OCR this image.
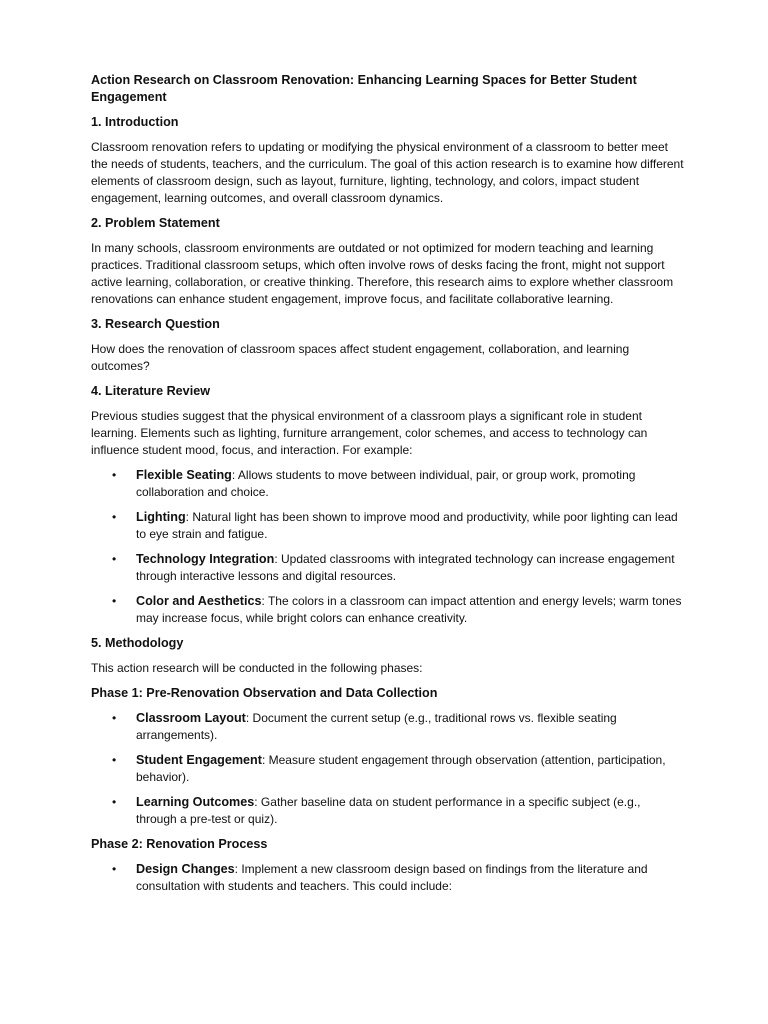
Action Research on Classroom Renovation: Enhancing Learning Spaces for Better Student Engagement
1. Introduction
Classroom renovation refers to updating or modifying the physical environment of a classroom to better meet the needs of students, teachers, and the curriculum. The goal of this action research is to examine how different elements of classroom design, such as layout, furniture, lighting, technology, and colors, impact student engagement, learning outcomes, and overall classroom dynamics.
2. Problem Statement
In many schools, classroom environments are outdated or not optimized for modern teaching and learning practices. Traditional classroom setups, which often involve rows of desks facing the front, might not support active learning, collaboration, or creative thinking. Therefore, this research aims to explore whether classroom renovations can enhance student engagement, improve focus, and facilitate collaborative learning.
3. Research Question
How does the renovation of classroom spaces affect student engagement, collaboration, and learning outcomes?
4. Literature Review
Previous studies suggest that the physical environment of a classroom plays a significant role in student learning. Elements such as lighting, furniture arrangement, color schemes, and access to technology can influence student mood, focus, and interaction. For example:
• Flexible Seating: Allows students to move between individual, pair, or group work, promoting collaboration and choice.
• Lighting: Natural light has been shown to improve mood and productivity, while poor lighting can lead to eye strain and fatigue.
• Technology Integration: Updated classrooms with integrated technology can increase engagement through interactive lessons and digital resources.
• Color and Aesthetics: The colors in a classroom can impact attention and energy levels; warm tones may increase focus, while bright colors can enhance creativity.
5. Methodology
This action research will be conducted in the following phases:
Phase 1: Pre-Renovation Observation and Data Collection
• Classroom Layout: Document the current setup (e.g., traditional rows vs. flexible seating arrangements).
• Student Engagement: Measure student engagement through observation (attention, participation, behavior).
• Learning Outcomes: Gather baseline data on student performance in a specific subject (e.g., through a pre-test or quiz).
Phase 2: Renovation Process
• Design Changes: Implement a new classroom design based on findings from the literature and consultation with students and teachers. This could include:
